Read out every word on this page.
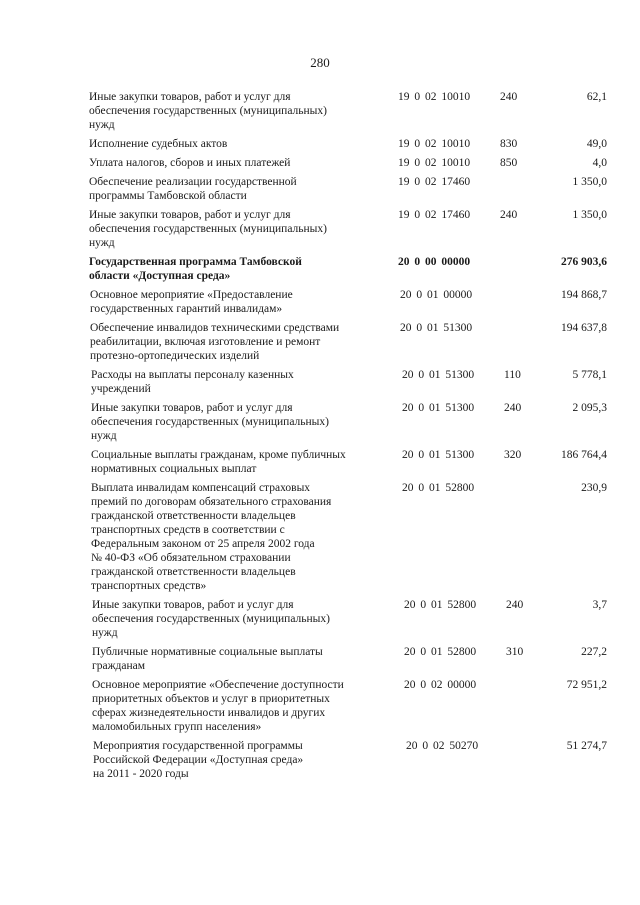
280
Иные закупки товаров, работ и услуг для
обеспечения государственных (муниципальных)
нужд
19 0 02 10010	240	62,1
Исполнение судебных актов	19 0 02 10010	830	49,0
Уплата налогов, сборов и иных платежей	19 0 02 10010	850	4,0
Обеспечение реализации государственной
программы Тамбовской области
19 0 02 17460	1 350,0
Иные закупки товаров, работ и услуг для
обеспечения государственных (муниципальных)
нужд
19 0 02 17460	240	1 350,0
Государственная программа Тамбовской
области «Доступная среда»
20 0 00 00000	276 903,6
Основное мероприятие «Предоставление
государственных гарантий инвалидам»
20 0 01 00000	194 868,7
Обеспечение инвалидов техническими средствами
реабилитации, включая изготовление и ремонт
протезно-ортопедических изделий
20 0 01 51300	194 637,8
Расходы на выплаты персоналу казенных
учреждений
20 0 01 51300	110	5 778,1
Иные закупки товаров, работ и услуг для
обеспечения государственных (муниципальных)
нужд
20 0 01 51300	240	2 095,3
Социальные выплаты гражданам, кроме публичных
нормативных социальных выплат
20 0 01 51300	320	186 764,4
Выплата инвалидам компенсаций страховых
премий по договорам обязательного страхования
гражданской ответственности владельцев
транспортных средств в соответствии с
Федеральным законом от 25 апреля 2002 года
№ 40-ФЗ «Об обязательном страховании
гражданской ответственности владельцев
транспортных средств»
20 0 01 52800	230,9
Иные закупки товаров, работ и услуг для
обеспечения государственных (муниципальных)
нужд
20 0 01 52800	240	3,7
Публичные нормативные социальные выплаты
гражданам
20 0 01 52800	310	227,2
Основное мероприятие «Обеспечение доступности
приоритетных объектов и услуг в приоритетных
сферах жизнедеятельности инвалидов и других
маломобильных групп населения»
20 0 02 00000	72 951,2
Мероприятия государственной программы
Российской Федерации «Доступная среда»
на 2011 - 2020 годы
20 0 02 50270	51 274,7
